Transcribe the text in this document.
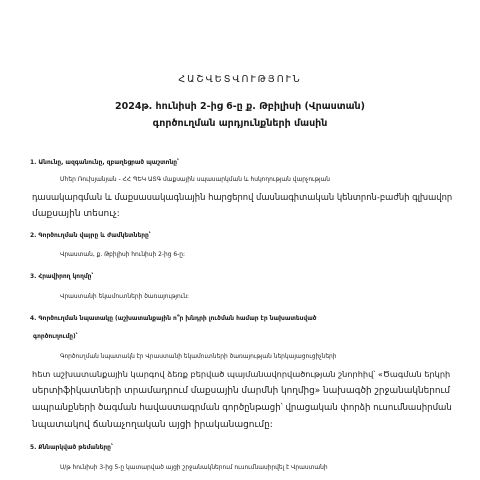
ՀԱՇՎԵՏՎՈՒԹՅՈՒՆ
2024թ. հունիսի 2-ից 6-ը ք. Թբիլիսի (Վրաստան)
գործուղման արդյունքների մասին
1. Անունը, ազգանունը, զբաղեցրած պաշտոնը՝
Մհեր Ռուխյանյան - ՀՀ ՊԵԿ ԱՏԳ մաքսային սպասարկման և հսկողության վարչության
դասակարգման և մաքսասակագնային հարցերով մասնագիտական կենտրոն-բաժնի գլխավոր
մաքսային տեսուչ:
2. Գործուղման վայրը և ժամկետները՝
Վրաստան, ք. Թբիլիսի հունիսի 2-ից 6-ը:
3. Հրավիրող կողմը՝
Վրաստանի եկամուտների ծառայություն:
4. Գործուղման նպատակը (աշխատանքային ո՞ր խնդրի լուծման համար էր նախատեսված
գործուղումը)՝
Գործուղման նպատակն էր Վրաստանի եկամուտների ծառայության ներկայացուցիչների
հետ աշխատանքային կարգով ձեռք բերված պայմանավորվածության շնորհիվ՝ «Ծագման երկրի
սերտիֆիկատների տրամադրում մաքսային մարմնի կողմից» նախագծի շրջանակներում
ապրանքների ծագման հավաստագրման գործընթացի՝ վրացական փորձի ուսումնասիրման
նպատակով ճանաչողական այցի իրականացումը:
5. Քննարկված թեմաները՝
Ս/թ հունիսի 3-ից 5-ը կատարված այցի շրջանակներում ուսումնասիրվել է Վրաստանի
